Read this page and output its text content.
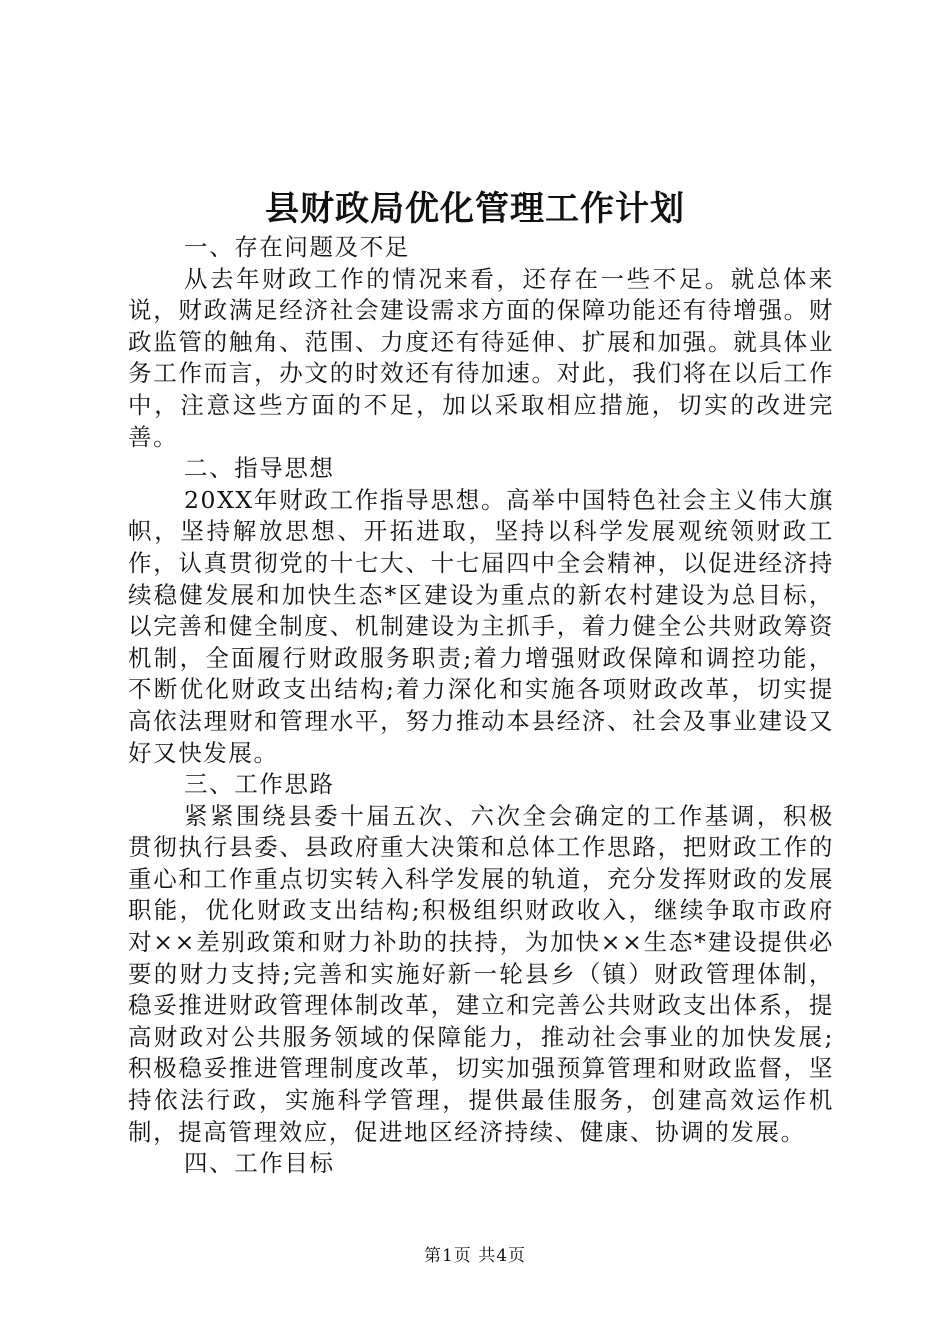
县财政局优化管理工作计划

一、存在问题及不足

从去年财政工作的情况来看，还存在一些不足。就总体来说，财政满足经济社会建设需求方面的保障功能还有待增强。财政监管的触角、范围、力度还有待延伸、扩展和加强。就具体业务工作而言，办文的时效还有待加速。对此，我们将在以后工作中，注意这些方面的不足，加以采取相应措施，切实的改进完善。

二、指导思想

20XX年财政工作指导思想。高举中国特色社会主义伟大旗帜，坚持解放思想、开拓进取，坚持以科学发展观统领财政工作，认真贯彻党的十七大、十七届四中全会精神，以促进经济持续稳健发展和加快生态*区建设为重点的新农村建设为总目标，以完善和健全制度、机制建设为主抓手，着力健全公共财政筹资机制，全面履行财政服务职责;着力增强财政保障和调控功能，不断优化财政支出结构;着力深化和实施各项财政改革，切实提高依法理财和管理水平，努力推动本县经济、社会及事业建设又好又快发展。

三、工作思路

紧紧围绕县委十届五次、六次全会确定的工作基调，积极贯彻执行县委、县政府重大决策和总体工作思路，把财政工作的重心和工作重点切实转入科学发展的轨道，充分发挥财政的发展职能，优化财政支出结构;积极组织财政收入，继续争取市政府对××差别政策和财力补助的扶持，为加快××生态*建设提供必要的财力支持;完善和实施好新一轮县乡（镇）财政管理体制，稳妥推进财政管理体制改革，建立和完善公共财政支出体系，提高财政对公共服务领域的保障能力，推动社会事业的加快发展;积极稳妥推进管理制度改革，切实加强预算管理和财政监督，坚持依法行政，实施科学管理，提供最佳服务，创建高效运作机制，提高管理效应，促进地区经济持续、健康、协调的发展。

四、工作目标

第1页 共4页
